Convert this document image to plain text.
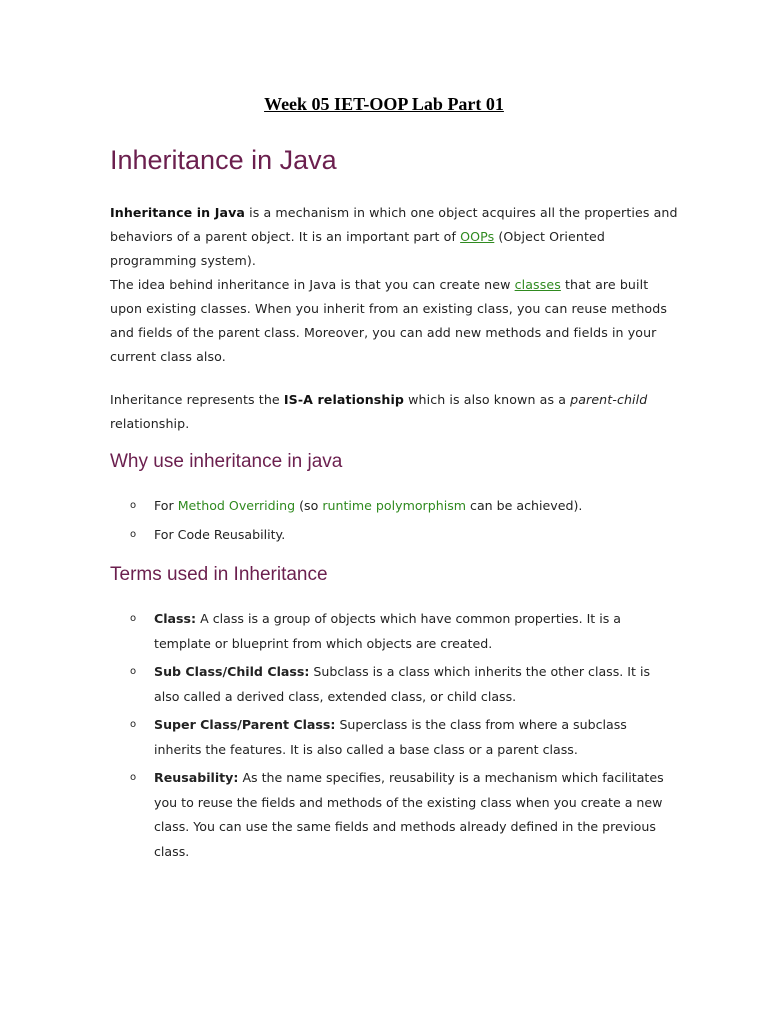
Week 05 IET-OOP Lab Part 01
Inheritance in Java

Inheritance in Java is a mechanism in which one object acquires all the properties and behaviors of a parent object. It is an important part of OOPs (Object Oriented programming system).
The idea behind inheritance in Java is that you can create new classes that are built upon existing classes. When you inherit from an existing class, you can reuse methods and fields of the parent class. Moreover, you can add new methods and fields in your current class also.

Inheritance represents the IS-A relationship which is also known as a parent-child relationship.

Why use inheritance in java
o For Method Overriding (so runtime polymorphism can be achieved).
o For Code Reusability.
Terms used in Inheritance
o Class: A class is a group of objects which have common properties. It is a template or blueprint from which objects are created.
o Sub Class/Child Class: Subclass is a class which inherits the other class. It is also called a derived class, extended class, or child class.
o Super Class/Parent Class: Superclass is the class from where a subclass inherits the features. It is also called a base class or a parent class.
o Reusability: As the name specifies, reusability is a mechanism which facilitates you to reuse the fields and methods of the existing class when you create a new class. You can use the same fields and methods already defined in the previous class.
